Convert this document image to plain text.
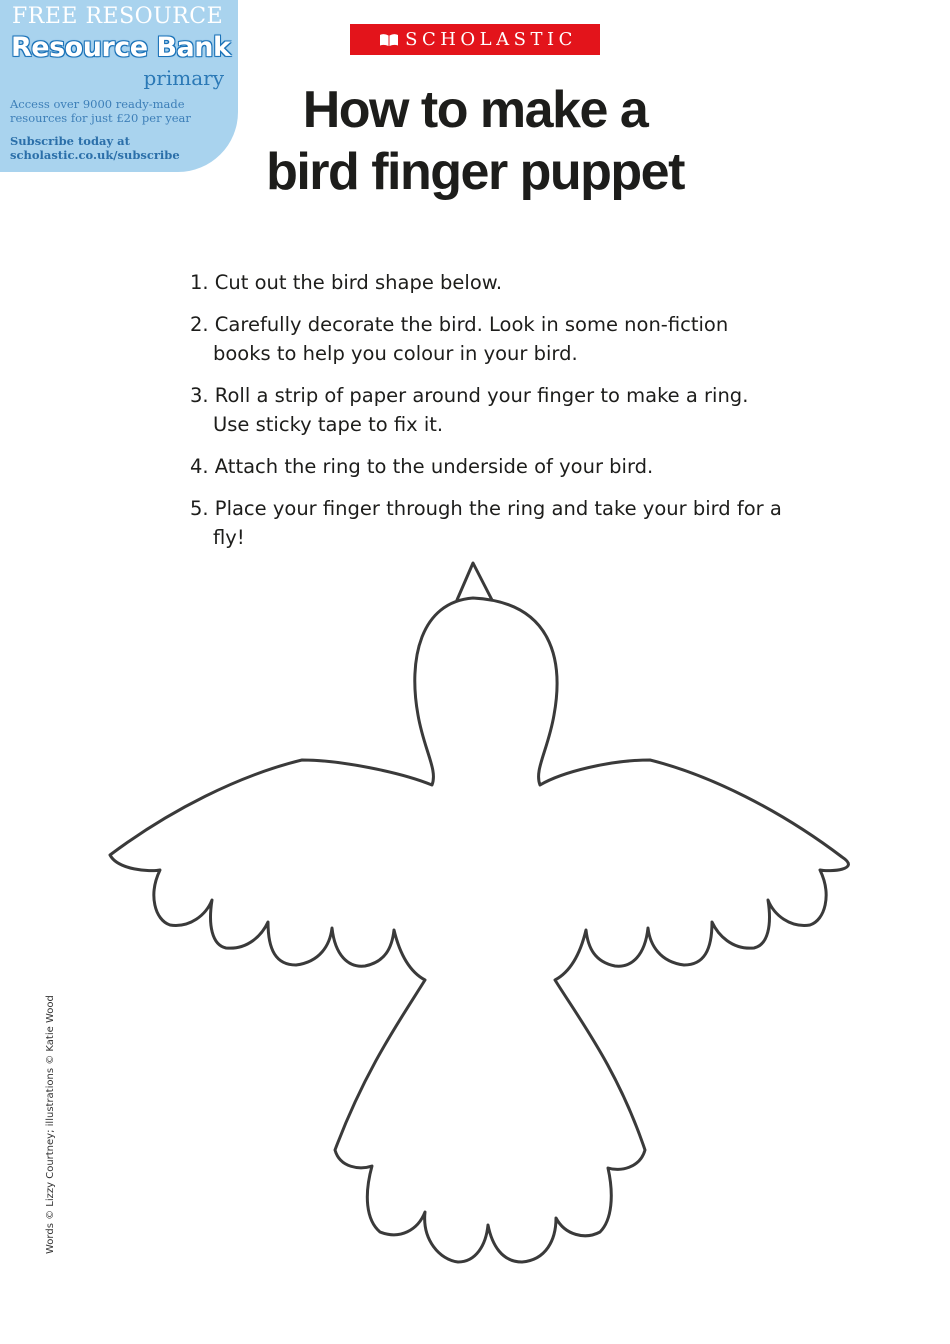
FREE RESOURCE
Resource Bank
primary
Access over 9000 ready-made
resources for just £20 per year
Subscribe today at
scholastic.co.uk/subscribe
SCHOLASTIC
How to make a
bird finger puppet
1. Cut out the bird shape below.
2. Carefully decorate the bird. Look in some non-fiction books to help you colour in your bird.
3. Roll a strip of paper around your finger to make a ring. Use sticky tape to fix it.
4. Attach the ring to the underside of your bird.
5. Place your finger through the ring and take your bird for a fly!
Words © Lizzy Courtney; illustrations © Katie Wood
